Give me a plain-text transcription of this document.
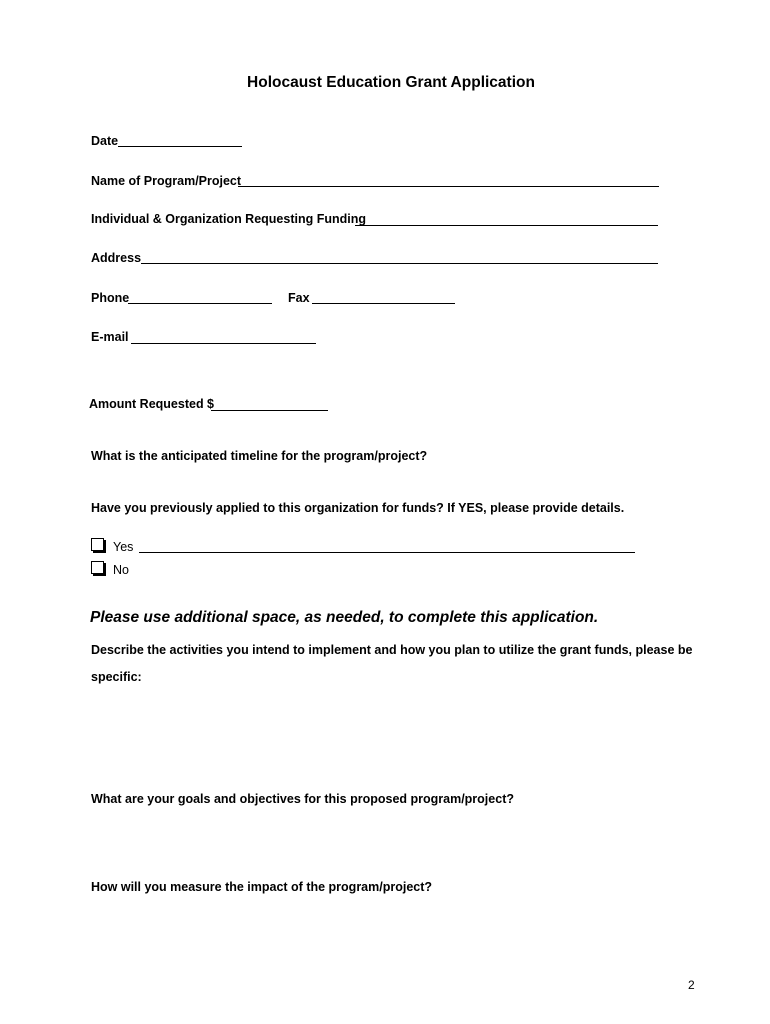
Holocaust Education Grant Application
Date
Name of Program/Project
Individual & Organization Requesting Funding
Address
Phone	Fax
E-mail
Amount Requested $
What is the anticipated timeline for the program/project?
Have you previously applied to this organization for funds? If YES, please provide details.
Yes
No
Please use additional space, as needed, to complete this application.
Describe the activities you intend to implement and how you plan to utilize the grant funds, please be
specific:
What are your goals and objectives for this proposed program/project?
How will you measure the impact of the program/project?
2
